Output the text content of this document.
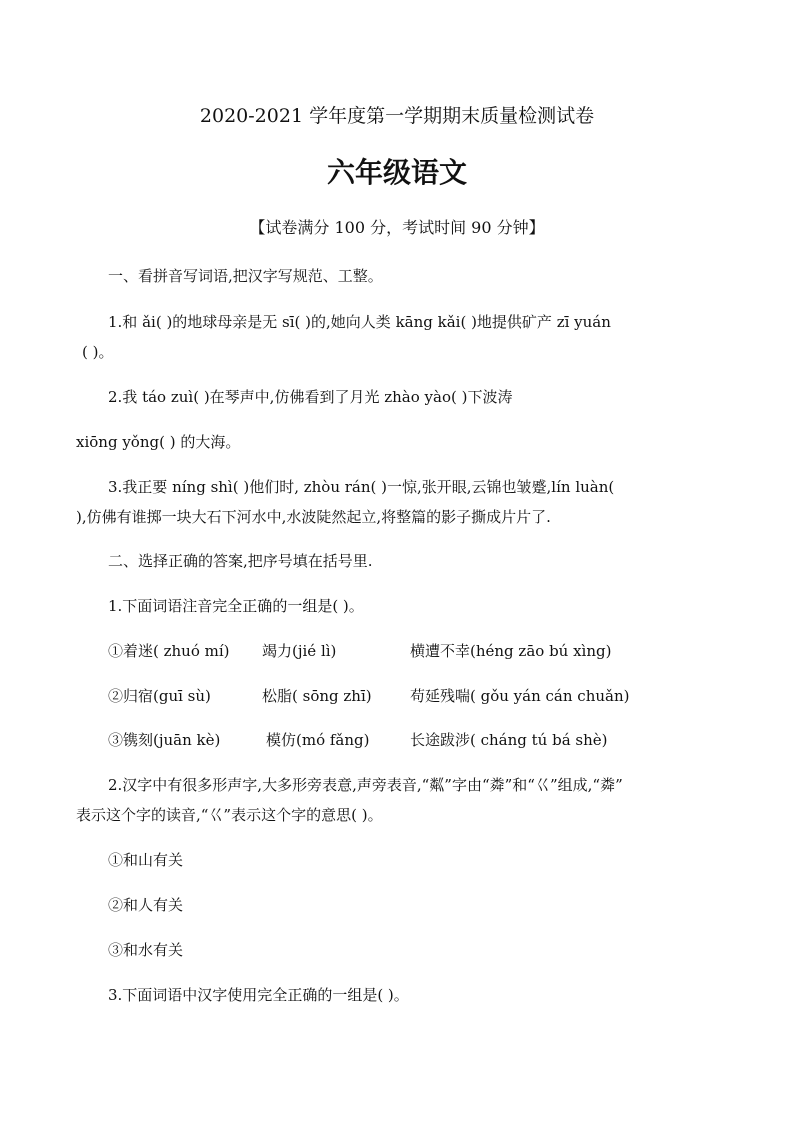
2020-2021 学年度第一学期期末质量检测试卷
六年级语文
【试卷满分 100 分，考试时间 90 分钟】
一、看拼音写词语,把汉字写规范、工整。
1.和 ǎi( )的地球母亲是无 sī( )的,她向人类 kāng kǎi( )地提供矿产 zī yuán
( )。
2.我 táo zuì( )在琴声中,仿佛看到了月光 zhào yào( )下波涛
xiōng yǒng( ) 的大海。
3.我正要 níng shì( )他们时, zhòu rán( )一惊,张开眼,云锦也皱蹙,lín luàn(
),仿佛有谁掷一块大石下河水中,水波陡然起立,将整篇的影子撕成片片了.
二、选择正确的答案,把序号填在括号里.
1.下面词语注音完全正确的一组是( )。
①着迷( zhuó mí) 竭力(jié lì)	横遭不幸(héng zāo bú xìng)
②归宿(guī sù)	松脂( sōng zhī)	苟延残喘( gǒu yán cán chuǎn)
③镌刻(juān kè)	模仿(mó fǎng)	长途跋涉( cháng tú bá shè)
2.汉字中有很多形声字,大多形旁表意,声旁表音,“粼”字由“粦”和“巜”组成,“粦”
表示这个字的读音,“巜”表示这个字的意思( )。
①和山有关
②和人有关
③和水有关
3.下面词语中汉字使用完全正确的一组是( )。
